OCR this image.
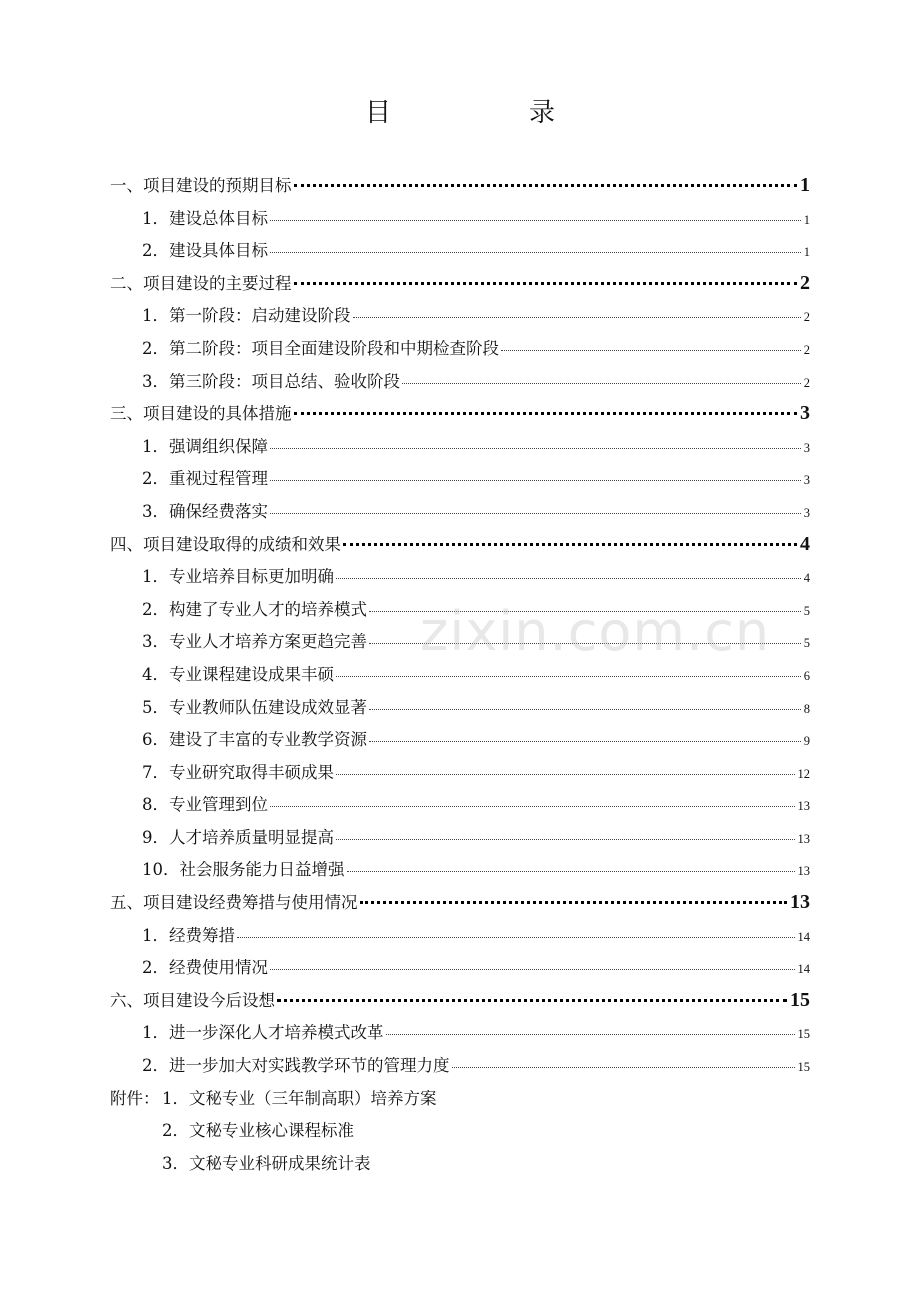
目　录
一、项目建设的预期目标	1
1．建设总体目标	1
2．建设具体目标	1
二、项目建设的主要过程	2
1．第一阶段：启动建设阶段	2
2．第二阶段：项目全面建设阶段和中期检查阶段	2
3．第三阶段：项目总结、验收阶段	2
三、项目建设的具体措施	3
1．强调组织保障	3
2．重视过程管理	3
3．确保经费落实	3
四、项目建设取得的成绩和效果	4
1．专业培养目标更加明确	4
2．构建了专业人才的培养模式	5
3．专业人才培养方案更趋完善	5
4．专业课程建设成果丰硕	6
5．专业教师队伍建设成效显著	8
6．建设了丰富的专业教学资源	9
7．专业研究取得丰硕成果	12
8．专业管理到位	13
9．人才培养质量明显提高	13
10．社会服务能力日益增强	13
五、项目建设经费筹措与使用情况	13
1．经费筹措	14
2．经费使用情况	14
六、项目建设今后设想	15
1．进一步深化人才培养模式改革	15
2．进一步加大对实践教学环节的管理力度	15
附件： 1．文秘专业（三年制高职）培养方案
2．文秘专业核心课程标准
3．文秘专业科研成果统计表
zixin.com.cn
